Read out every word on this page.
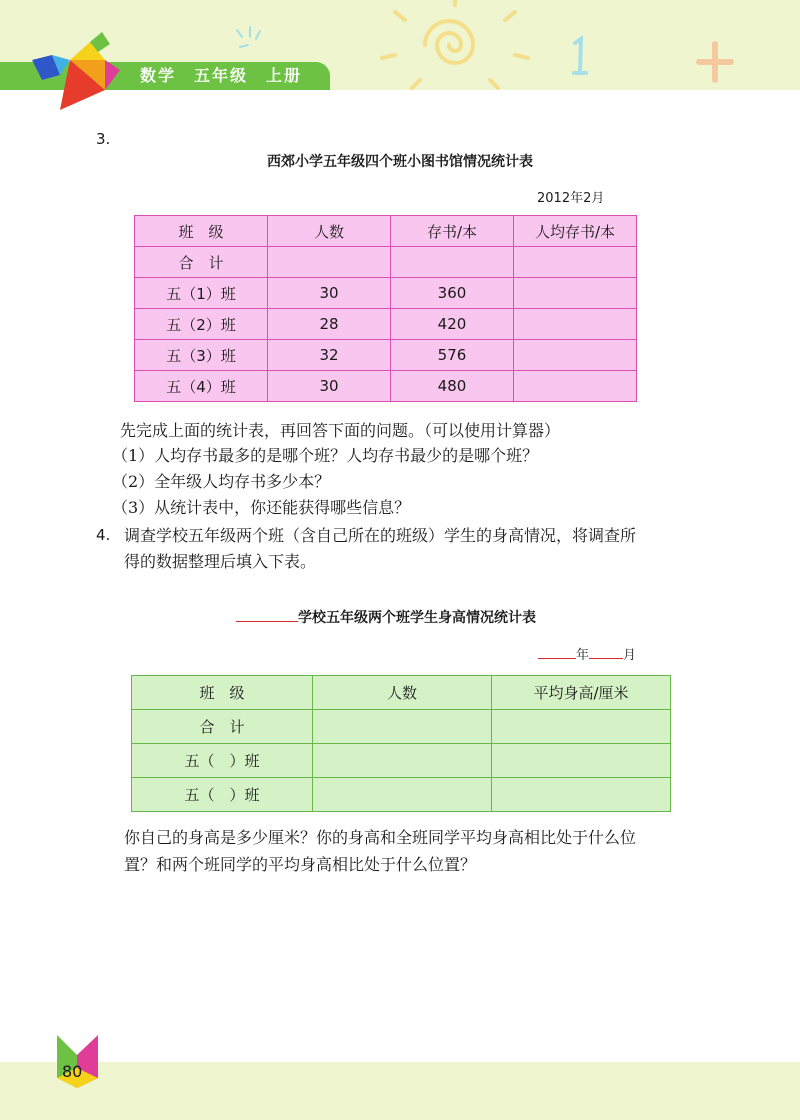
数学　五年级　上册
3.
西郊小学五年级四个班小图书馆情况统计表
2012年2月
班　级	人数	存书/本	人均存书/本
合　计			
五（1）班	30	360	
五（2）班	28	420	
五（3）班	32	576	
五（4）班	30	480	
先完成上面的统计表，再回答下面的问题。（可以使用计算器）
（1）人均存书最多的是哪个班？人均存书最少的是哪个班？
（2）全年级人均存书多少本？
（3）从统计表中，你还能获得哪些信息？
4. 调查学校五年级两个班（含自己所在的班级）学生的身高情况，将调查所
得的数据整理后填入下表。
学校五年级两个班学生身高情况统计表
年	月
班　级	人数	平均身高/厘米
合　计		
五（　）班		
五（　）班		
你自己的身高是多少厘米？你的身高和全班同学平均身高相比处于什么位
置？和两个班同学的平均身高相比处于什么位置？
80
